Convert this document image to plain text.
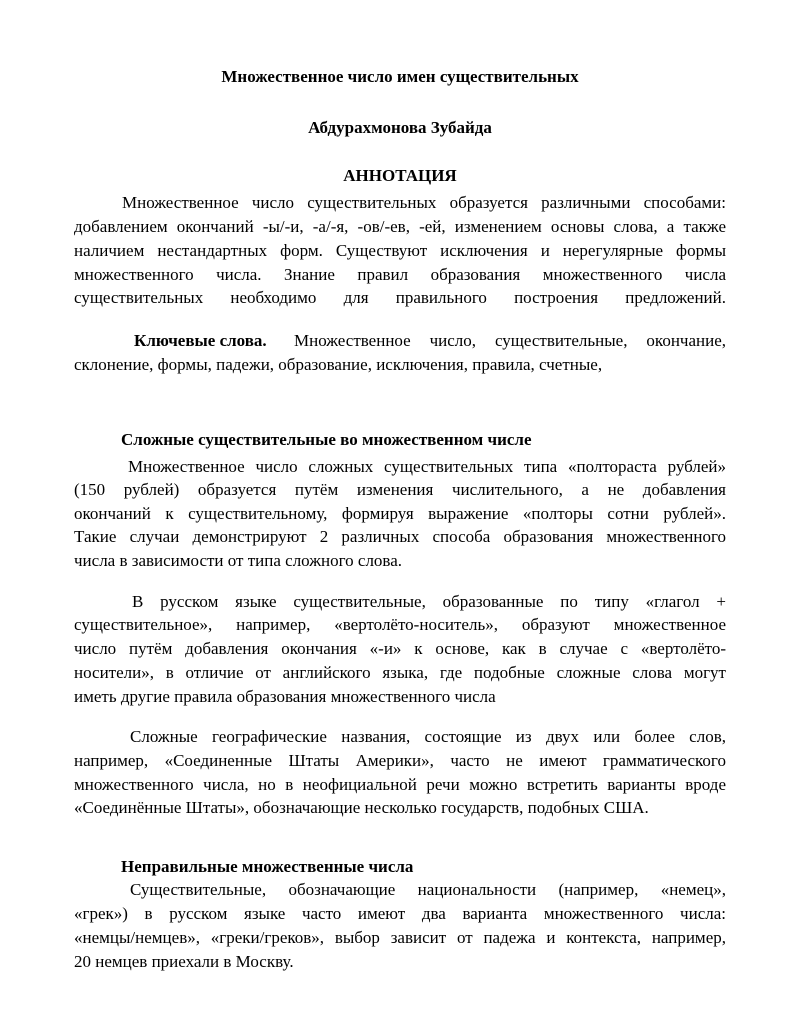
Множественное число имен существительных
Абдурахмонова Зубайда
АННОТАЦИЯ
Множественное число существительных образуется различными способами:
добавлением окончаний -ы/-и, -а/-я, -ов/-ев, -ей, изменением основы слова, а также
наличием нестандартных форм. Существуют исключения и нерегулярные формы
множественного числа. Знание правил образования множественного числа
существительных необходимо для правильного построения предложений.
Ключевые слова. Множественное число, существительные, окончание,
склонение, формы, падежи, образование, исключения, правила, счетные,
Сложные существительные во множественном числе
Множественное число сложных существительных типа «полтораста рублей»
(150 рублей) образуется путём изменения числительного, а не добавления
окончаний к существительному, формируя выражение «полторы сотни рублей».
Такие случаи демонстрируют 2 различных способа образования множественного
числа в зависимости от типа сложного слова.
В русском языке существительные, образованные по типу «глагол +
существительное», например, «вертолёто-носитель», образуют множественное
число путём добавления окончания «-и» к основе, как в случае с «вертолёто-
носители», в отличие от английского языка, где подобные сложные слова могут
иметь другие правила образования множественного числа
Сложные географические названия, состоящие из двух или более слов,
например, «Соединенные Штаты Америки», часто не имеют грамматического
множественного числа, но в неофициальной речи можно встретить варианты вроде
«Соединённые Штаты», обозначающие несколько государств, подобных США.
Неправильные множественные числа
Существительные, обозначающие национальности (например, «немец»,
«грек») в русском языке часто имеют два варианта множественного числа:
«немцы/немцев», «греки/греков», выбор зависит от падежа и контекста, например,
20 немцев приехали в Москву.
